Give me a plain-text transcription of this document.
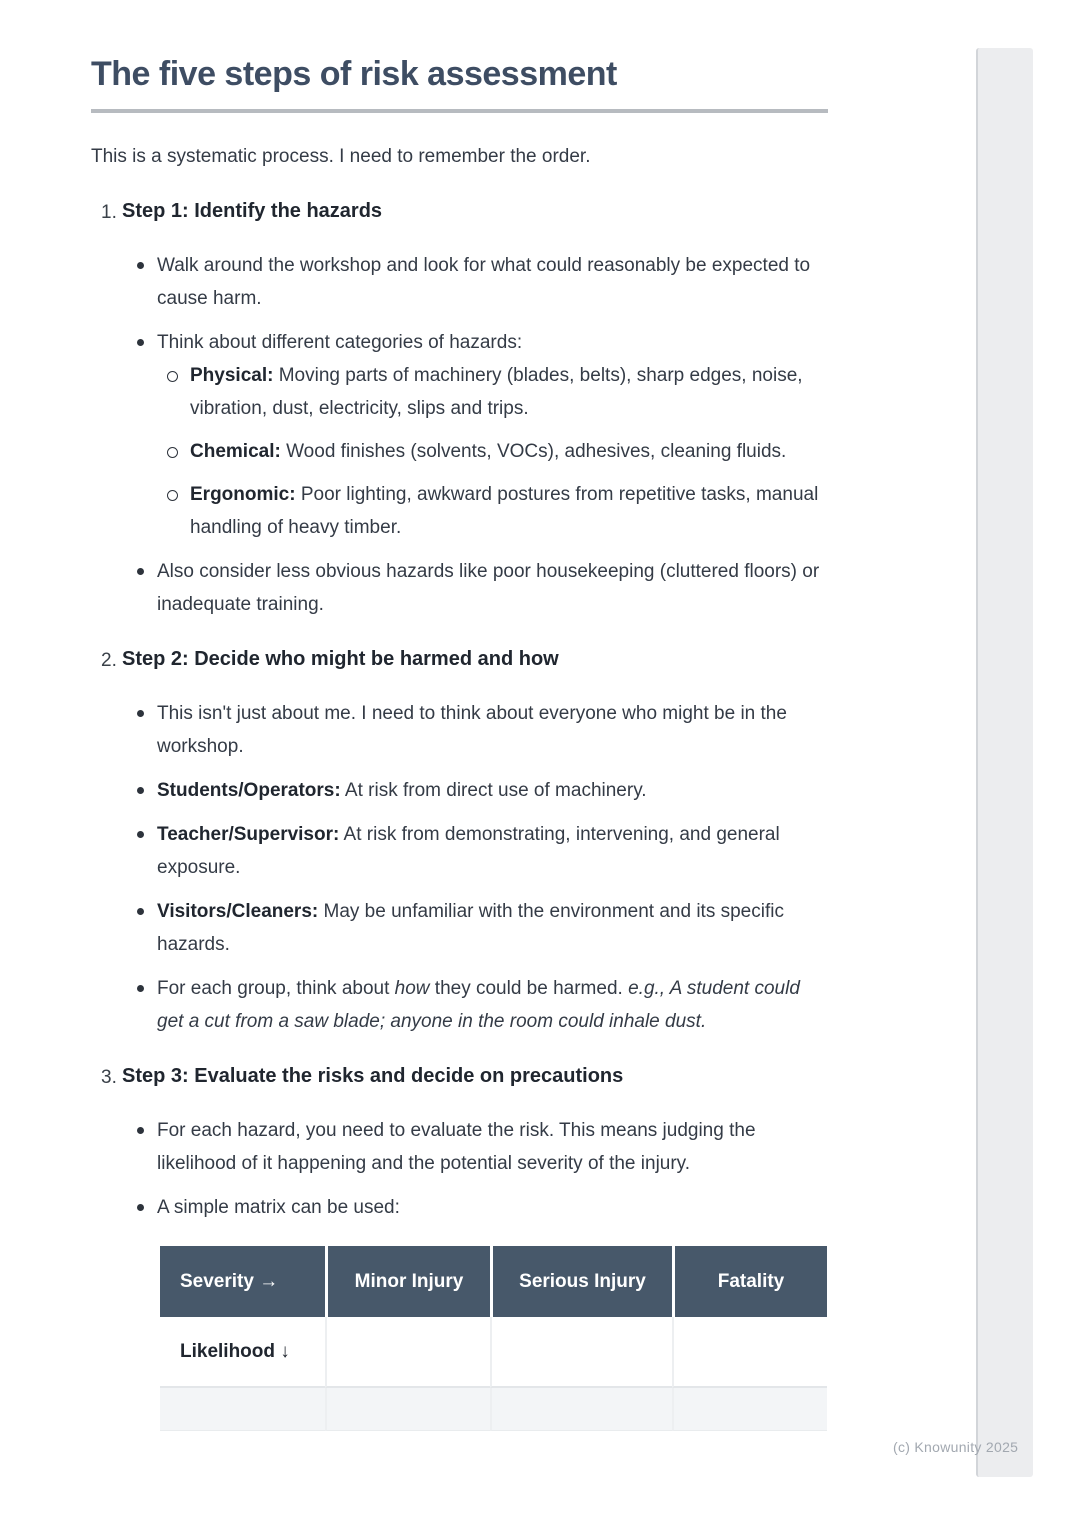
The five steps of risk assessment

This is a systematic process. I need to remember the order.

1. Step 1: Identify the hazards
Walk around the workshop and look for what could reasonably be expected to cause harm.
Think about different categories of hazards:
Physical: Moving parts of machinery (blades, belts), sharp edges, noise, vibration, dust, electricity, slips and trips.
Chemical: Wood finishes (solvents, VOCs), adhesives, cleaning fluids.
Ergonomic: Poor lighting, awkward postures from repetitive tasks, manual handling of heavy timber.
Also consider less obvious hazards like poor housekeeping (cluttered floors) or inadequate training.
2. Step 2: Decide who might be harmed and how
This isn't just about me. I need to think about everyone who might be in the workshop.
Students/Operators: At risk from direct use of machinery.
Teacher/Supervisor: At risk from demonstrating, intervening, and general exposure.
Visitors/Cleaners: May be unfamiliar with the environment and its specific hazards.
For each group, think about how they could be harmed. e.g., A student could get a cut from a saw blade; anyone in the room could inhale dust.
3. Step 3: Evaluate the risks and decide on precautions
For each hazard, you need to evaluate the risk. This means judging the likelihood of it happening and the potential severity of the injury.
A simple matrix can be used:
Severity →	Minor Injury	Serious Injury	Fatality
Likelihood ↓			

(c) Knowunity 2025
